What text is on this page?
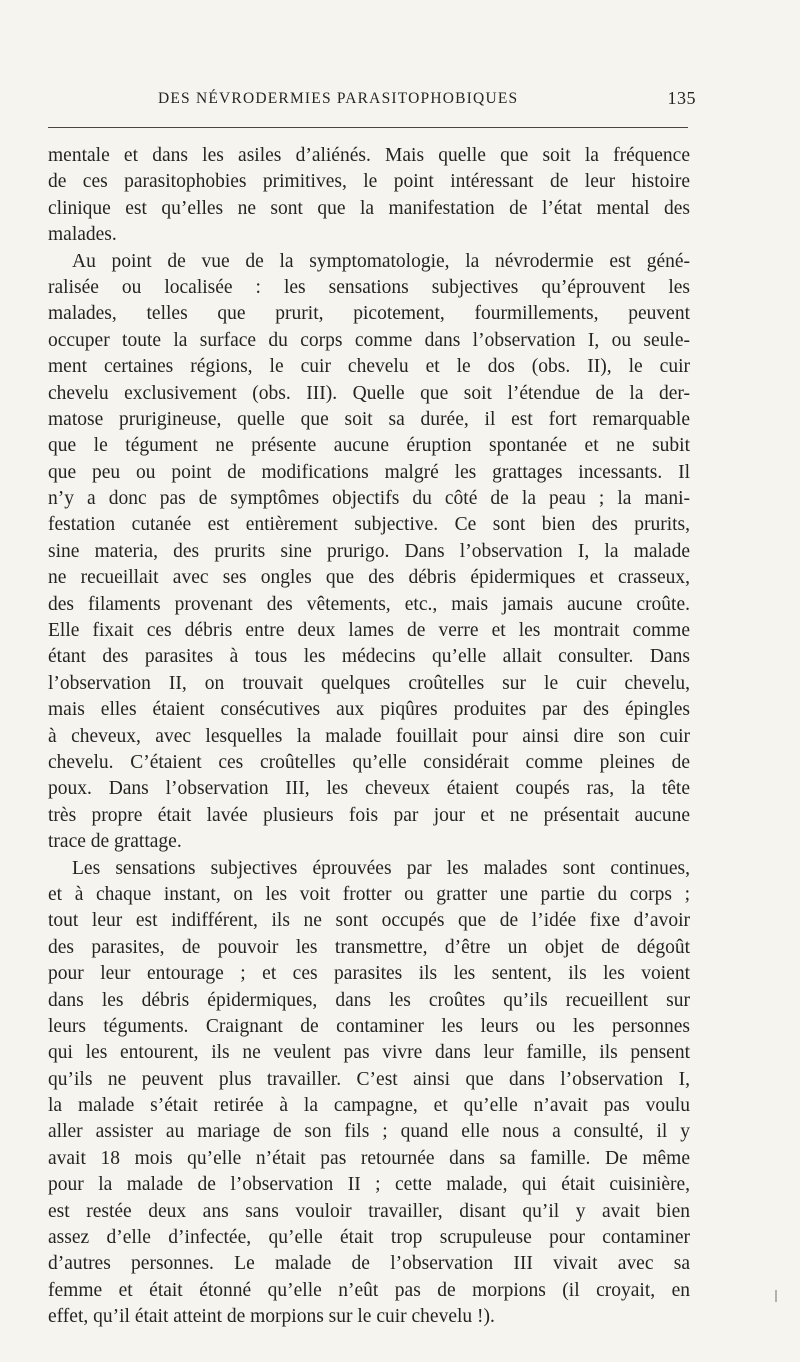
DES NÉVRODERMIES PARASITOPHOBIQUES	135
mentale et dans les asiles d’aliénés. Mais quelle que soit la fréquence
de ces parasitophobies primitives, le point intéressant de leur histoire
clinique est qu’elles ne sont que la manifestation de l’état mental des
malades.
Au point de vue de la symptomatologie, la névrodermie est géné-
ralisée ou localisée : les sensations subjectives qu’éprouvent les
malades, telles que prurit, picotement, fourmillements, peuvent
occuper toute la surface du corps comme dans l’observation I, ou seule-
ment certaines régions, le cuir chevelu et le dos (obs. II), le cuir
chevelu exclusivement (obs. III). Quelle que soit l’étendue de la der-
matose prurigineuse, quelle que soit sa durée, il est fort remarquable
que le tégument ne présente aucune éruption spontanée et ne subit
que peu ou point de modifications malgré les grattages incessants. Il
n’y a donc pas de symptômes objectifs du côté de la peau ; la mani-
festation cutanée est entièrement subjective. Ce sont bien des prurits,
sine materia, des prurits sine prurigo. Dans l’observation I, la malade
ne recueillait avec ses ongles que des débris épidermiques et crasseux,
des filaments provenant des vêtements, etc., mais jamais aucune croûte.
Elle fixait ces débris entre deux lames de verre et les montrait comme
étant des parasites à tous les médecins qu’elle allait consulter. Dans
l’observation II, on trouvait quelques croûtelles sur le cuir chevelu,
mais elles étaient consécutives aux piqûres produites par des épingles
à cheveux, avec lesquelles la malade fouillait pour ainsi dire son cuir
chevelu. C’étaient ces croûtelles qu’elle considérait comme pleines de
poux. Dans l’observation III, les cheveux étaient coupés ras, la tête
très propre était lavée plusieurs fois par jour et ne présentait aucune
trace de grattage.
Les sensations subjectives éprouvées par les malades sont continues,
et à chaque instant, on les voit frotter ou gratter une partie du corps ;
tout leur est indifférent, ils ne sont occupés que de l’idée fixe d’avoir
des parasites, de pouvoir les transmettre, d’être un objet de dégoût
pour leur entourage ; et ces parasites ils les sentent, ils les voient
dans les débris épidermiques, dans les croûtes qu’ils recueillent sur
leurs téguments. Craignant de contaminer les leurs ou les personnes
qui les entourent, ils ne veulent pas vivre dans leur famille, ils pensent
qu’ils ne peuvent plus travailler. C’est ainsi que dans l’observation I,
la malade s’était retirée à la campagne, et qu’elle n’avait pas voulu
aller assister au mariage de son fils ; quand elle nous a consulté, il y
avait 18 mois qu’elle n’était pas retournée dans sa famille. De même
pour la malade de l’observation II ; cette malade, qui était cuisinière,
est restée deux ans sans vouloir travailler, disant qu’il y avait bien
assez d’elle d’infectée, qu’elle était trop scrupuleuse pour contaminer
d’autres personnes. Le malade de l’observation III vivait avec sa
femme et était étonné qu’elle n’eût pas de morpions (il croyait, en
effet, qu’il était atteint de morpions sur le cuir chevelu !).
